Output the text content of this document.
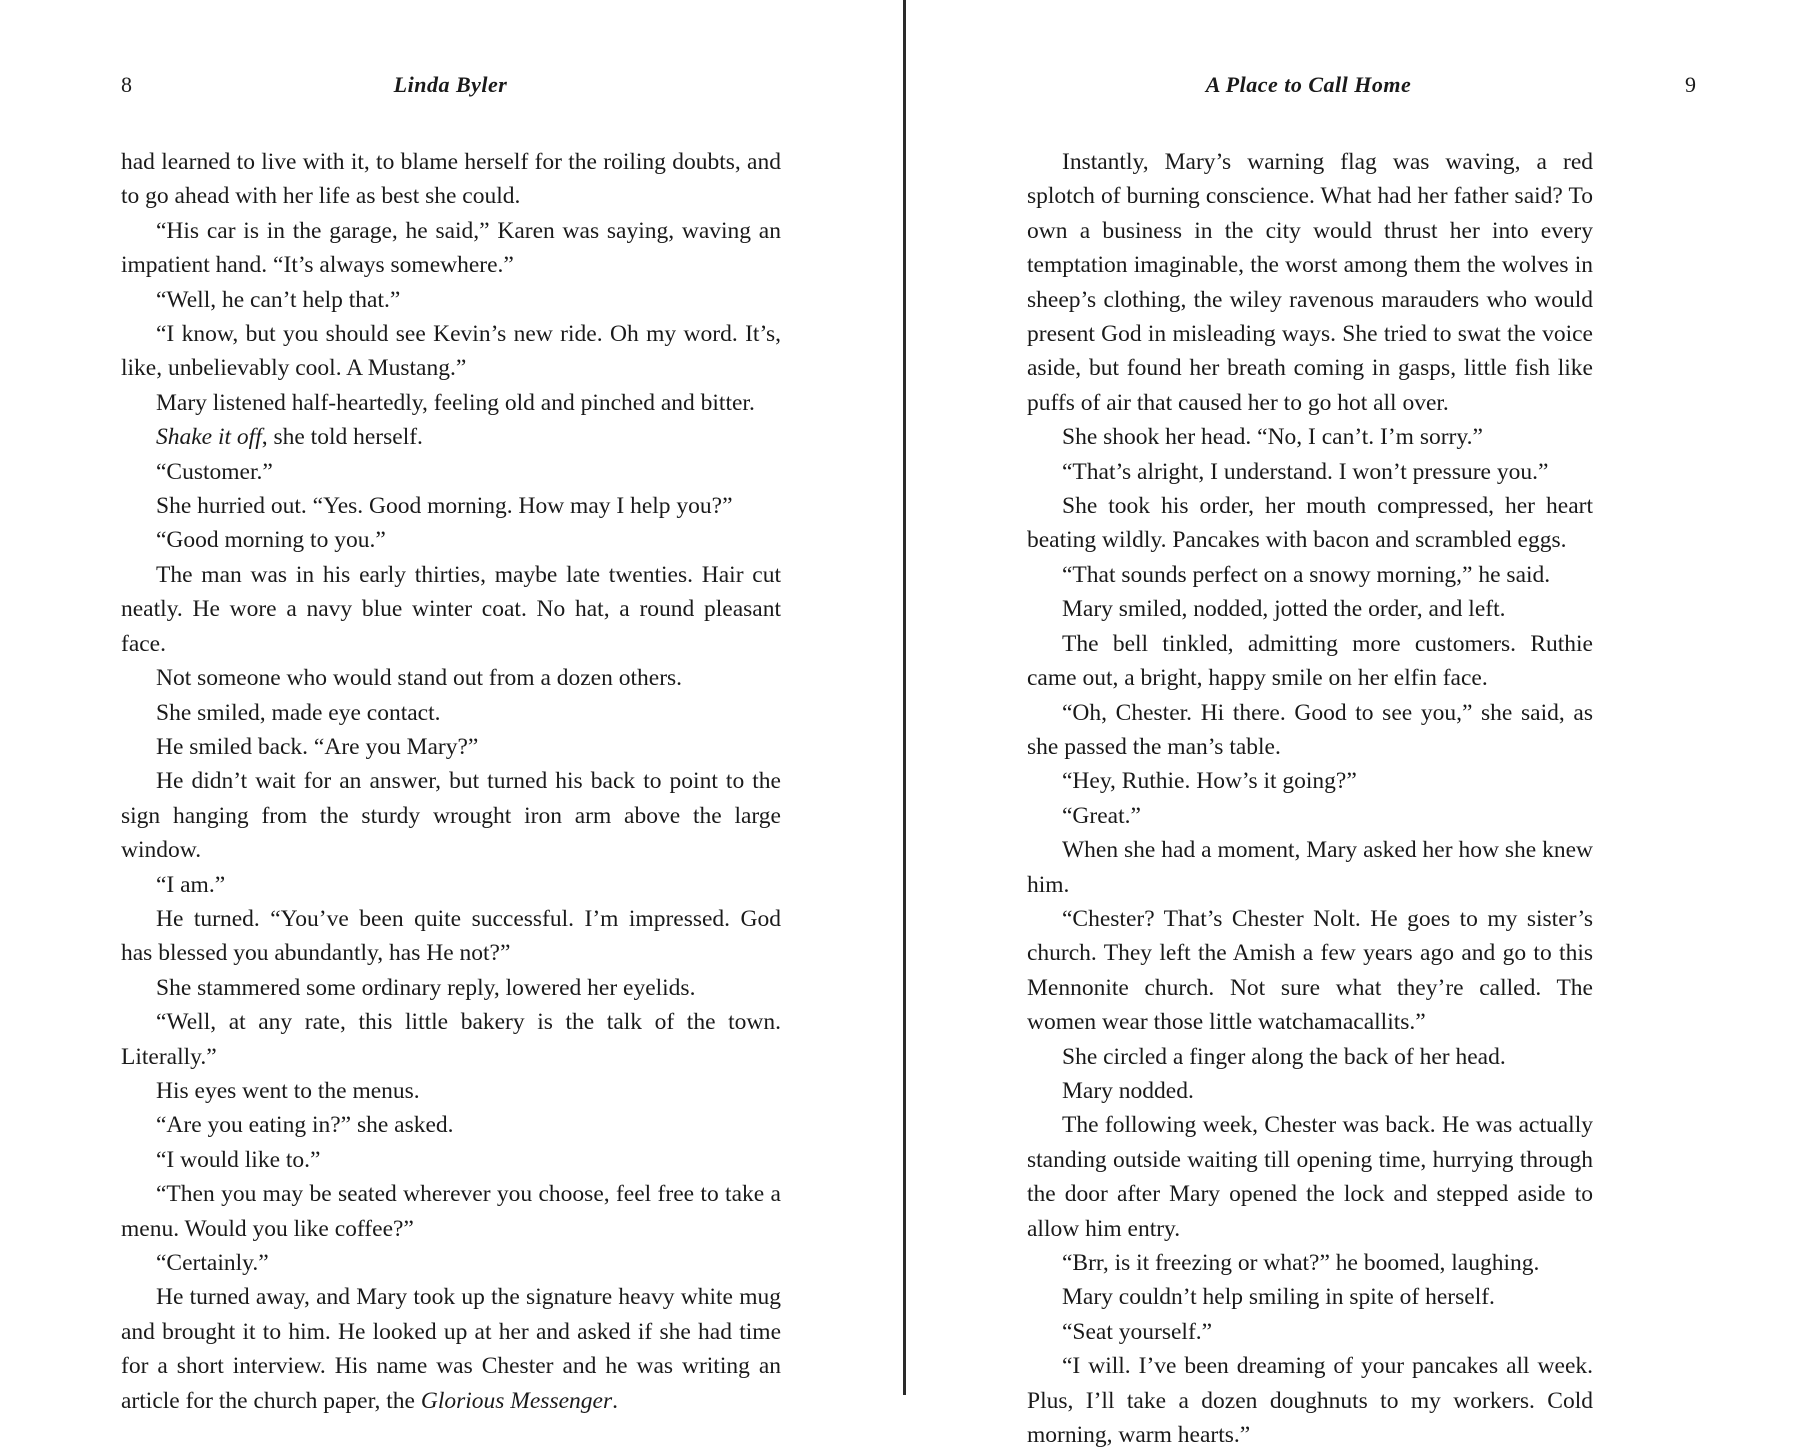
8	Linda Byler

had learned to live with it, to blame herself for the roiling doubts, and to go ahead with her life as best she could.

“His car is in the garage, he said,” Karen was saying, waving an impatient hand. “It’s always somewhere.”

“Well, he can’t help that.”

“I know, but you should see Kevin’s new ride. Oh my word. It’s, like, unbelievably cool. A Mustang.”

Mary listened half-heartedly, feeling old and pinched and bitter.

Shake it off, she told herself.

“Customer.”

She hurried out. “Yes. Good morning. How may I help you?”

“Good morning to you.”

The man was in his early thirties, maybe late twenties. Hair cut neatly. He wore a navy blue winter coat. No hat, a round pleasant face.

Not someone who would stand out from a dozen others.

She smiled, made eye contact.

He smiled back. “Are you Mary?”

He didn’t wait for an answer, but turned his back to point to the sign hanging from the sturdy wrought iron arm above the large window.

“I am.”

He turned. “You’ve been quite successful. I’m impressed. God has blessed you abundantly, has He not?”

She stammered some ordinary reply, lowered her eyelids.

“Well, at any rate, this little bakery is the talk of the town. Literally.”

His eyes went to the menus.

“Are you eating in?” she asked.

“I would like to.”

“Then you may be seated wherever you choose, feel free to take a menu. Would you like coffee?”

“Certainly.”

He turned away, and Mary took up the signature heavy white mug and brought it to him. He looked up at her and asked if she had time for a short interview. His name was Chester and he was writing an article for the church paper, the Glorious Messenger.

A Place to Call Home	9

Instantly, Mary’s warning flag was waving, a red splotch of burning conscience. What had her father said? To own a business in the city would thrust her into every temptation imaginable, the worst among them the wolves in sheep’s clothing, the wiley ravenous marauders who would present God in misleading ways. She tried to swat the voice aside, but found her breath coming in gasps, little fish like puffs of air that caused her to go hot all over.

She shook her head. “No, I can’t. I’m sorry.”

“That’s alright, I understand. I won’t pressure you.”

She took his order, her mouth compressed, her heart beating wildly. Pancakes with bacon and scrambled eggs.

“That sounds perfect on a snowy morning,” he said.

Mary smiled, nodded, jotted the order, and left.

The bell tinkled, admitting more customers. Ruthie came out, a bright, happy smile on her elfin face.

“Oh, Chester. Hi there. Good to see you,” she said, as she passed the man’s table.

“Hey, Ruthie. How’s it going?”

“Great.”

When she had a moment, Mary asked her how she knew him.

“Chester? That’s Chester Nolt. He goes to my sister’s church. They left the Amish a few years ago and go to this Mennonite church. Not sure what they’re called. The women wear those little watchamacallits.”

She circled a finger along the back of her head.

Mary nodded.

The following week, Chester was back. He was actually standing outside waiting till opening time, hurrying through the door after Mary opened the lock and stepped aside to allow him entry.

“Brr, is it freezing or what?” he boomed, laughing.

Mary couldn’t help smiling in spite of herself.

“Seat yourself.”

“I will. I’ve been dreaming of your pancakes all week. Plus, I’ll take a dozen doughnuts to my workers. Cold morning, warm hearts.”
